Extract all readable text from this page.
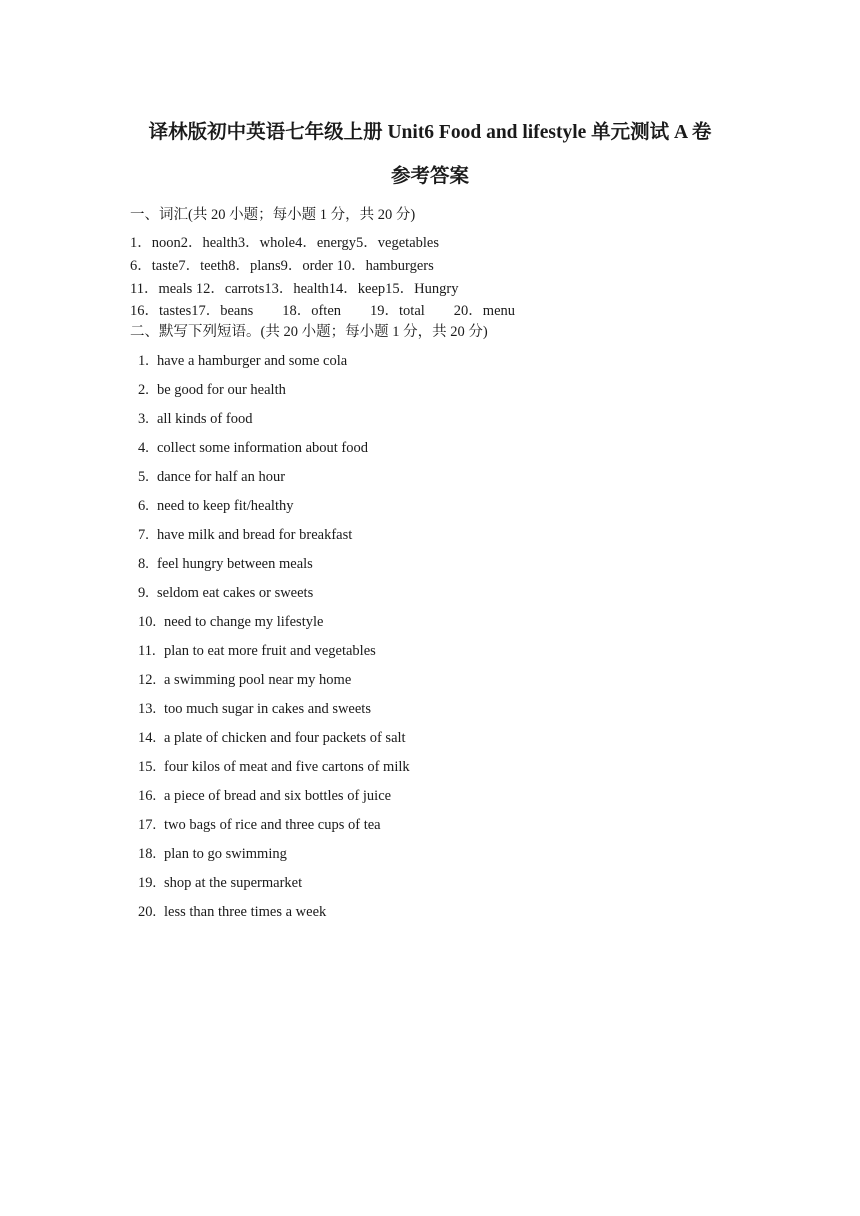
译林版初中英语七年级上册 Unit6 Food and lifestyle 单元测试 A 卷
参考答案
一、词汇(共 20 小题；每小题 1 分，共 20 分)
1．noon2．health3．whole4．energy5．vegetables
6．taste7．teeth8．plans9．order 10．hamburgers
11．meals 12．carrots13．health14．keep15．Hungry
16．tastes17．beans        18．often        19．total        20．menu
二、默写下列短语。(共 20 小题；每小题 1 分，共 20 分)
1. have a hamburger and some cola
2. be good for our health
3. all kinds of food
4. collect some information about food
5. dance for half an hour
6. need to keep fit/healthy
7. have milk and bread for breakfast
8. feel hungry between meals
9. seldom eat cakes or sweets
10. need to change my lifestyle
11. plan to eat more fruit and vegetables
12. a swimming pool near my home
13. too much sugar in cakes and sweets
14. a plate of chicken and four packets of salt
15. four kilos of meat and five cartons of milk
16. a piece of bread and six bottles of juice
17. two bags of rice and three cups of tea
18. plan to go swimming
19. shop at the supermarket
20. less than three times a week
